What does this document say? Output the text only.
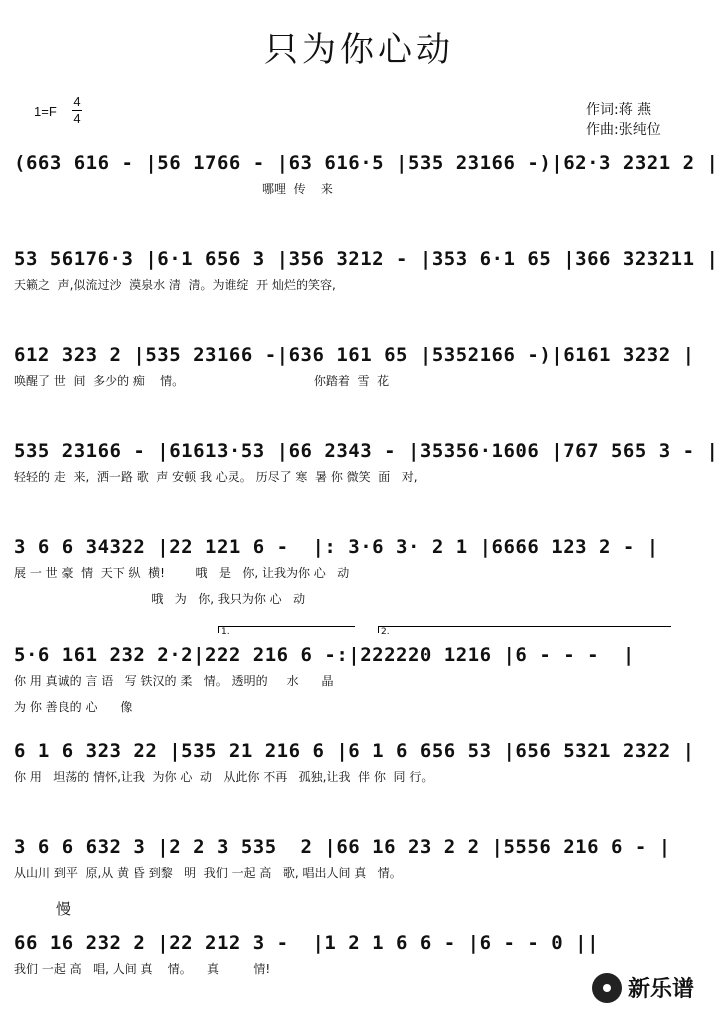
只为你心动
1=F
4
4
作词:蒋 燕
作曲:张纯位
(663 616 - |56 1766 - |63 616·5 |535 23166 -)|62·3 2321 2 |
哪哩  传    来
53 56176·3 |6·1 656 3 |356 3212 - |353 6·1 65 |366 323211 |
天籁之  声,似流过沙  漠泉水 清  清。为谁绽  开 灿烂的笑容,
612 323 2 |535 23166 -|636 161 65 |5352166 -)|6161 3232 |
唤醒了 世  间  多少的 痴    情。                                  你踏着  雪  花
535 23166 - |61613·53 |66 2343 - |35356·1606 |767 565 3 - |
轻轻的 走  来,  洒一路 歌  声 安顿 我 心灵。 历尽了 寒  暑 你 微笑  面   对,
3 6 6 34322 |22 121 6 -  |: 3·6 3· 2 1 |6666 123 2 - |
展 一 世 豪  情  天下 纵  横!        哦   是   你, 让我为你 心   动
哦   为   你, 我只为你 心   动
1.	2.
5·6 161 232 2·2|222 216 6 -:|222220 1216 |6 - - -  |
你 用 真诚的 言 语   写 铁汉的 柔   情。 透明的     水      晶
为 你 善良的 心      像
6 1 6 323 22 |535 21 216 6 |6 1 6 656 53 |656 5321 2322 |
你 用   坦荡的 情怀,让我  为你 心  动   从此你 不再   孤独,让我  伴 你  同 行。
3 6 6 632 3 |2 2 3 535  2 |66 16 23 2 2 |5556 216 6 - |
从山川 到平  原,从 黄 昏 到黎   明  我们 一起 高   歌, 唱出人间 真   情。
慢
66 16 232 2 |22 212 3 -  |1 2 1 6 6 - |6 - - 0 ||
我们 一起 高   唱, 人间 真    情。    真         情!
新乐谱
